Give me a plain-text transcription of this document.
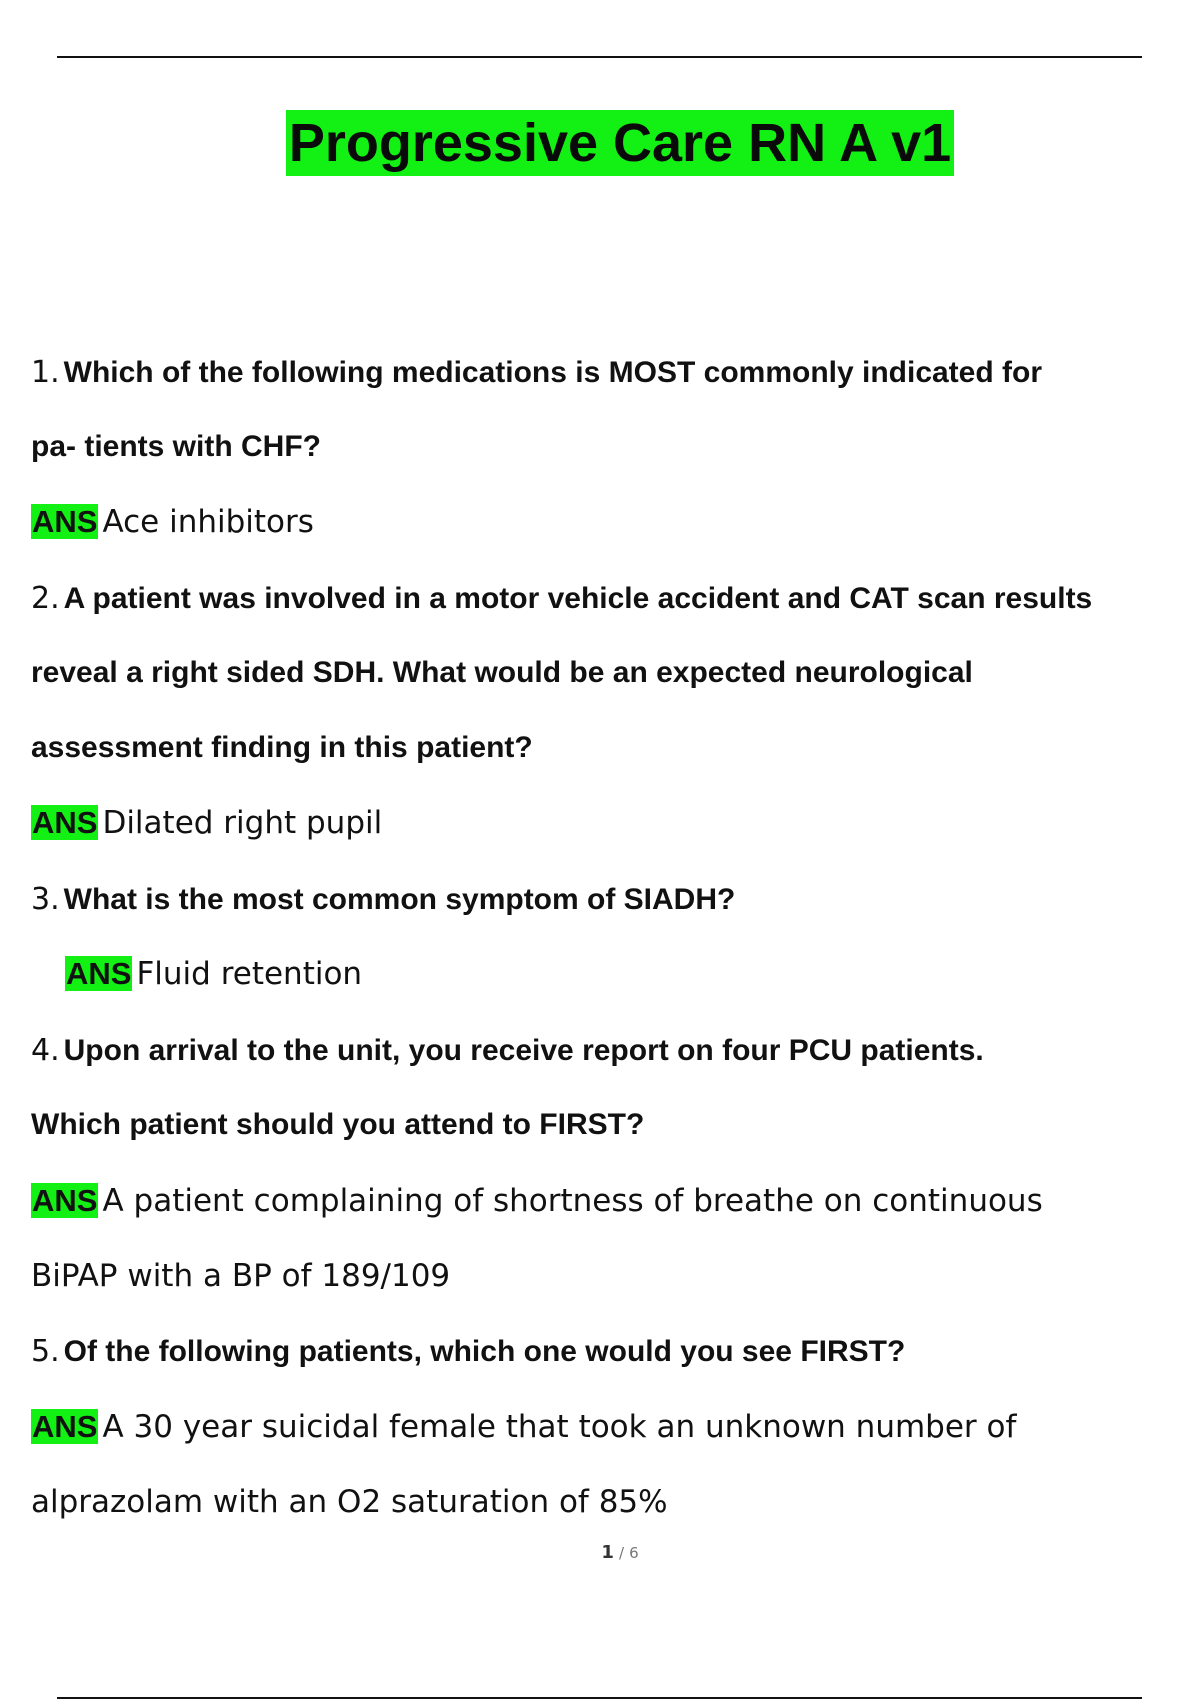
Progressive Care RN A v1
1. Which of the following medications is MOST commonly indicated for
pa- tients with CHF?
ANS Ace inhibitors
2. A patient was involved in a motor vehicle accident and CAT scan results
reveal a right sided SDH. What would be an expected neurological
assessment finding in this patient?
ANS Dilated right pupil
3. What is the most common symptom of SIADH?
ANS Fluid retention
4. Upon arrival to the unit, you receive report on four PCU patients.
Which patient should you attend to FIRST?
ANS A patient complaining of shortness of breathe on continuous
BiPAP with a BP of 189/109
5. Of the following patients, which one would you see FIRST?
ANS A 30 year suicidal female that took an unknown number of
alprazolam with an O2 saturation of 85%
1 / 6
